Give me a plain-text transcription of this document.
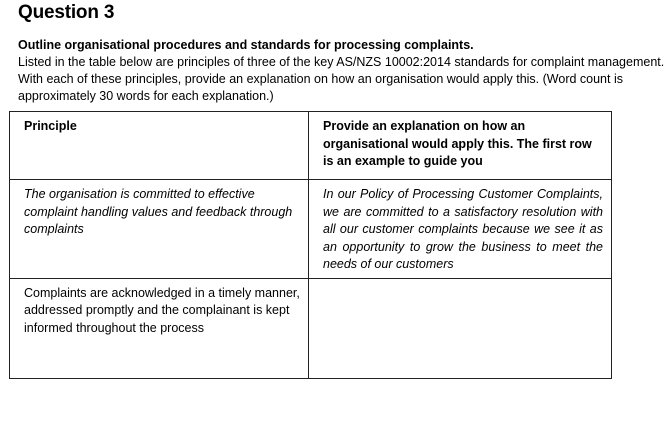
Question 3
Outline organisational procedures and standards for processing complaints.
Listed in the table below are principles of three of the key AS/NZS 10002:2014 standards for complaint management. With each of these principles, provide an explanation on how an organisation would apply this. (Word count is approximately 30 words for each explanation.)
Principle	Provide an explanation on how an organisational would apply this. The first row is an example to guide you
The organisation is committed to effective complaint handling values and feedback through complaints	In our Policy of Processing Customer Complaints, we are committed to a satisfactory resolution with all our customer complaints because we see it as an opportunity to grow the business to meet the needs of our customers
Complaints are acknowledged in a timely manner, addressed promptly and the complainant is kept informed throughout the process	
